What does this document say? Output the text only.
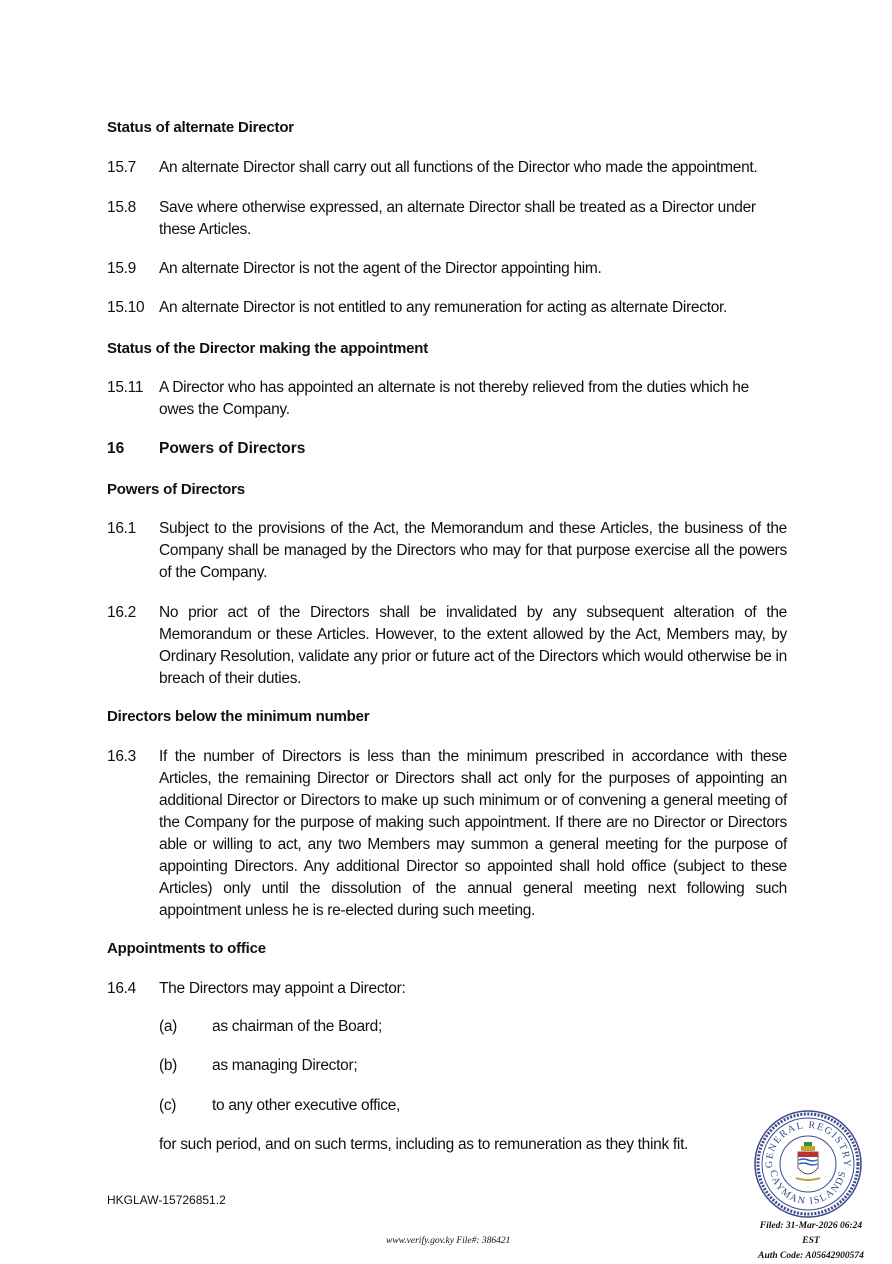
Status of alternate Director
15.7 An alternate Director shall carry out all functions of the Director who made the appointment.
15.8 Save where otherwise expressed, an alternate Director shall be treated as a Director under these Articles.
15.9 An alternate Director is not the agent of the Director appointing him.
15.10 An alternate Director is not entitled to any remuneration for acting as alternate Director.
Status of the Director making the appointment
15.11 A Director who has appointed an alternate is not thereby relieved from the duties which he owes the Company.
16 Powers of Directors
Powers of Directors
16.1 Subject to the provisions of the Act, the Memorandum and these Articles, the business of the Company shall be managed by the Directors who may for that purpose exercise all the powers of the Company.
16.2 No prior act of the Directors shall be invalidated by any subsequent alteration of the Memorandum or these Articles. However, to the extent allowed by the Act, Members may, by Ordinary Resolution, validate any prior or future act of the Directors which would otherwise be in breach of their duties.
Directors below the minimum number
16.3 If the number of Directors is less than the minimum prescribed in accordance with these Articles, the remaining Director or Directors shall act only for the purposes of appointing an additional Director or Directors to make up such minimum or of convening a general meeting of the Company for the purpose of making such appointment. If there are no Director or Directors able or willing to act, any two Members may summon a general meeting for the purpose of appointing Directors. Any additional Director so appointed shall hold office (subject to these Articles) only until the dissolution of the annual general meeting next following such appointment unless he is re-elected during such meeting.
Appointments to office
16.4 The Directors may appoint a Director:
(a) as chairman of the Board;
(b) as managing Director;
(c) to any other executive office,
for such period, and on such terms, including as to remuneration as they think fit.
HKGLAW-15726851.2
GENERAL REGISTRY
CAYMAN ISLANDS
Filed: 31-Mar-2026 06:24 EST
Auth Code: A05642900574
www.verify.gov.ky File#: 386421
